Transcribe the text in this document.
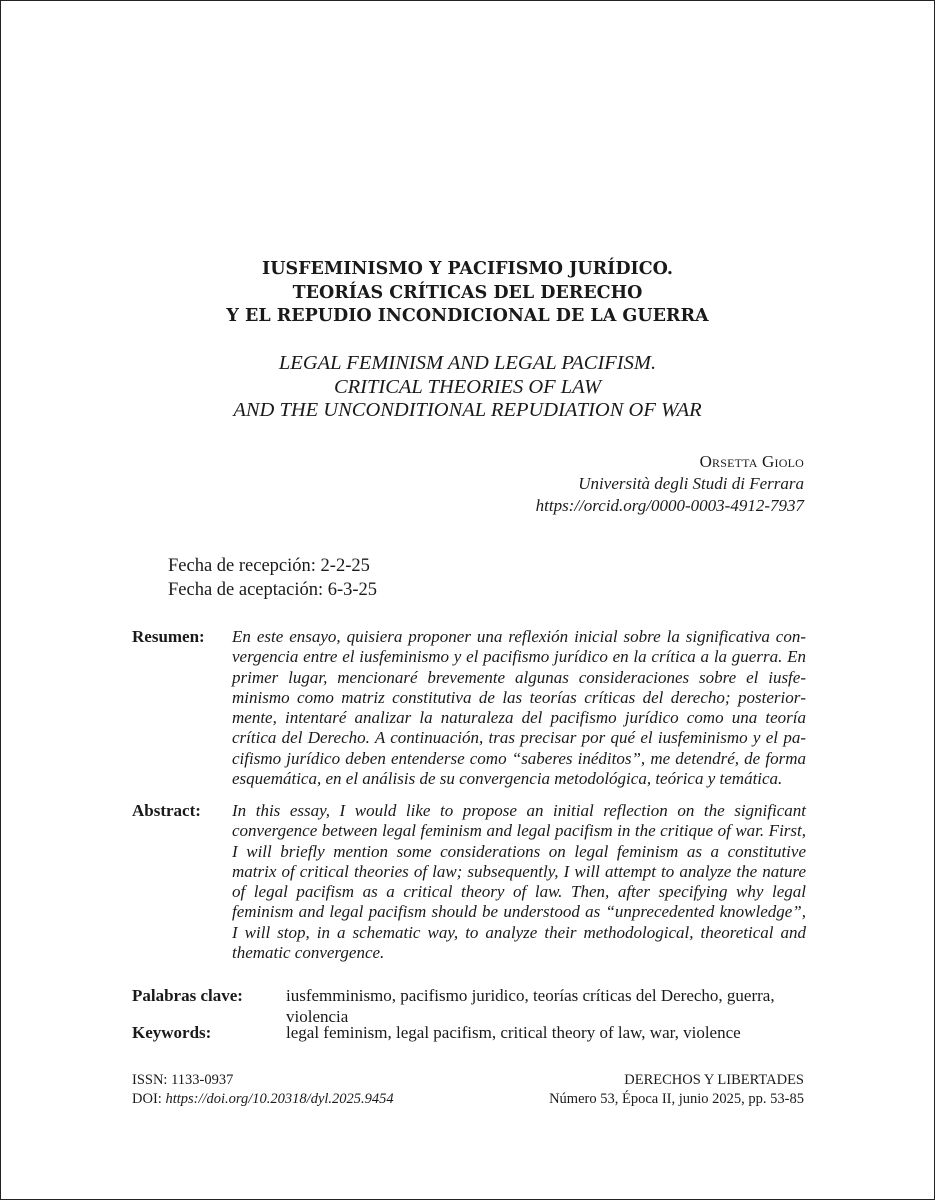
IUSFEMINISMO Y PACIFISMO JURÍDICO.
TEORÍAS CRÍTICAS DEL DERECHO
Y EL REPUDIO INCONDICIONAL DE LA GUERRA
LEGAL FEMINISM AND LEGAL PACIFISM.
CRITICAL THEORIES OF LAW
AND THE UNCONDITIONAL REPUDIATION OF WAR
Orsetta Giolo
Università degli Studi di Ferrara
https://orcid.org/0000-0003-4912-7937
Fecha de recepción: 2-2-25
Fecha de aceptación: 6-3-25
Resumen: En este ensayo, quisiera proponer una reflexión inicial sobre la significativa convergencia entre el iusfeminismo y el pacifismo jurídico en la crítica a la guerra. En primer lugar, mencionaré brevemente algunas consideraciones sobre el iusfeminismo como matriz constitutiva de las teorías críticas del derecho; posteriormente, intentaré analizar la naturaleza del pacifismo jurídico como una teoría crítica del Derecho. A continuación, tras precisar por qué el iusfeminismo y el pacifismo jurídico deben entenderse como “saberes inéditos”, me detendré, de forma esquemática, en el análisis de su convergencia metodológica, teórica y temática.
Abstract: In this essay, I would like to propose an initial reflection on the significant convergence between legal feminism and legal pacifism in the critique of war. First, I will briefly mention some considerations on legal feminism as a constitutive matrix of critical theories of law; subsequently, I will attempt to analyze the nature of legal pacifism as a critical theory of law. Then, after specifying why legal feminism and legal pacifism should be understood as “unprecedented knowledge”, I will stop, in a schematic way, to analyze their methodological, theoretical and thematic convergence.
Palabras clave:	iusfemminismo, pacifismo juridico, teorías críticas del Derecho, guerra, violencia
Keywords:	legal feminism, legal pacifism, critical theory of law, war, violence
ISSN: 1133-0937
DOI: https://doi.org/10.20318/dyl.2025.9454
DERECHOS Y LIBERTADES
Número 53, Época II, junio 2025, pp. 53-85
